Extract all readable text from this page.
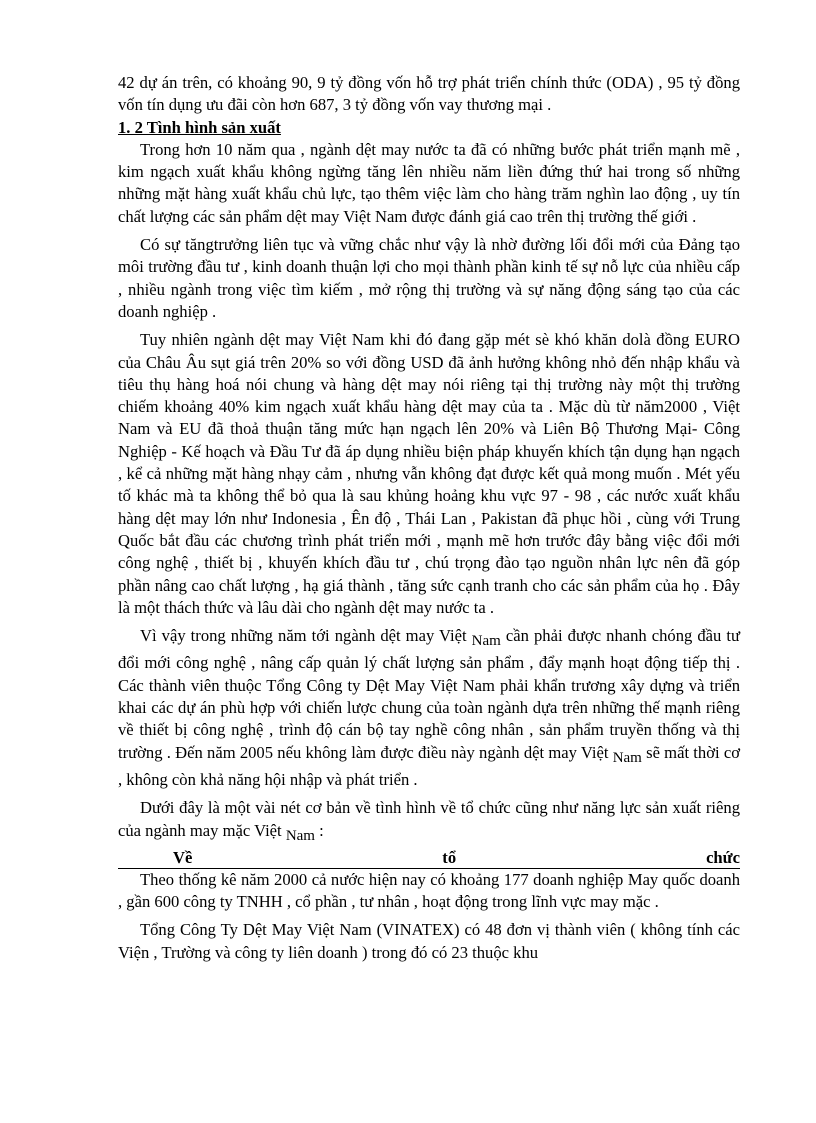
42 dự án trên, có khoảng 90, 9 tỷ đồng vốn hỗ trợ phát triển chính thức (ODA) , 95 tỷ đồng vốn tín dụng ưu đãi còn hơn 687, 3 tỷ đồng vốn vay thương mại .

1. 2 Tình hình sản xuất

Trong hơn 10 năm qua , ngành dệt may nước ta đã có những bước phát triển mạnh mẽ , kim ngạch xuất khẩu không ngừng tăng lên nhiều năm liền đứng thứ hai trong số những những mặt hàng xuất khẩu chủ lực, tạo thêm việc làm cho hàng trăm nghìn lao động , uy tín chất lượng các sản phẩm dệt may Việt Nam được đánh giá cao trên thị trường thế giới .

Có sự tăngtrưởng liên tục và vững chắc như vậy là nhờ đường lối đổi mới của Đảng tạo môi trường đầu tư , kinh doanh thuận lợi cho mọi thành phần kinh tế sự nỗ lực của nhiều cấp , nhiều ngành trong việc tìm kiếm , mở rộng thị trường và sự năng động sáng tạo của các doanh nghiệp .

Tuy nhiên ngành dệt may Việt Nam khi đó đang gặp mét sè khó khăn dolà đồng EURO của Châu Âu sụt giá trên 20% so với đồng USD đã ảnh hưởng không nhỏ đến nhập khẩu và tiêu thụ hàng hoá nói chung và hàng dệt may nói riêng tại thị trường này một thị trường chiếm khoảng 40% kim ngạch xuất khẩu hàng dệt may của ta . Mặc dù từ năm2000 , Việt Nam và EU đã thoả thuận tăng mức hạn ngạch lên 20% và Liên Bộ Thương Mại- Công Nghiệp - Kế hoạch và Đầu Tư đã áp dụng nhiều biện pháp khuyến khích tận dụng hạn ngạch , kể cả những mặt hàng nhạy cảm , nhưng vẫn không đạt được kết quả mong muốn . Mét yếu tố khác mà ta không thể bỏ qua là sau khủng hoảng khu vực 97 - 98 , các nước xuất khẩu hàng dệt may lớn như Indonesia , Ên độ , Thái Lan , Pakistan đã phục hồi , cùng với Trung Quốc bắt đầu các chương trình phát triển mới , mạnh mẽ hơn trước đây bằng việc đổi mới công nghệ , thiết bị , khuyến khích đầu tư , chú trọng đào tạo nguồn nhân lực nên đã góp phần nâng cao chất lượng , hạ giá thành , tăng sức cạnh tranh cho các sản phẩm của họ . Đây là một thách thức và lâu dài cho ngành dệt may nước ta .

Vì vậy trong những năm tới ngành dệt may Việt Nam cần phải được nhanh chóng đầu tư đổi mới công nghệ , nâng cấp quản lý chất lượng sản phẩm , đẩy mạnh hoạt động tiếp thị . Các thành viên thuộc Tổng Công ty Dệt May Việt Nam phải khẩn trương xây dựng và triển khai các dự án phù hợp với chiến lược chung của toàn ngành dựa trên những thế mạnh riêng về thiết bị công nghệ , trình độ cán bộ tay nghề công nhân , sản phẩm truyền thống và thị trường . Đến năm 2005 nếu không làm được điều này ngành dệt may Việt Nam sẽ mất thời cơ , không còn khả năng hội nhập và phát triển .

Dưới đây là một vài nét cơ bản về tình hình về tổ chức cũng như năng lực sản xuất riêng của ngành may mặc Việt Nam :

Về	tổ	chức

Theo thống kê năm 2000 cả nước hiện nay có khoảng 177 doanh nghiệp May quốc doanh , gần 600 công ty TNHH , cổ phần , tư nhân , hoạt động trong lĩnh vực may mặc .

Tổng Công Ty Dệt May Việt Nam (VINATEX) có 48 đơn vị thành viên ( không tính các Viện , Trường và công ty liên doanh ) trong đó có 23 thuộc khu
